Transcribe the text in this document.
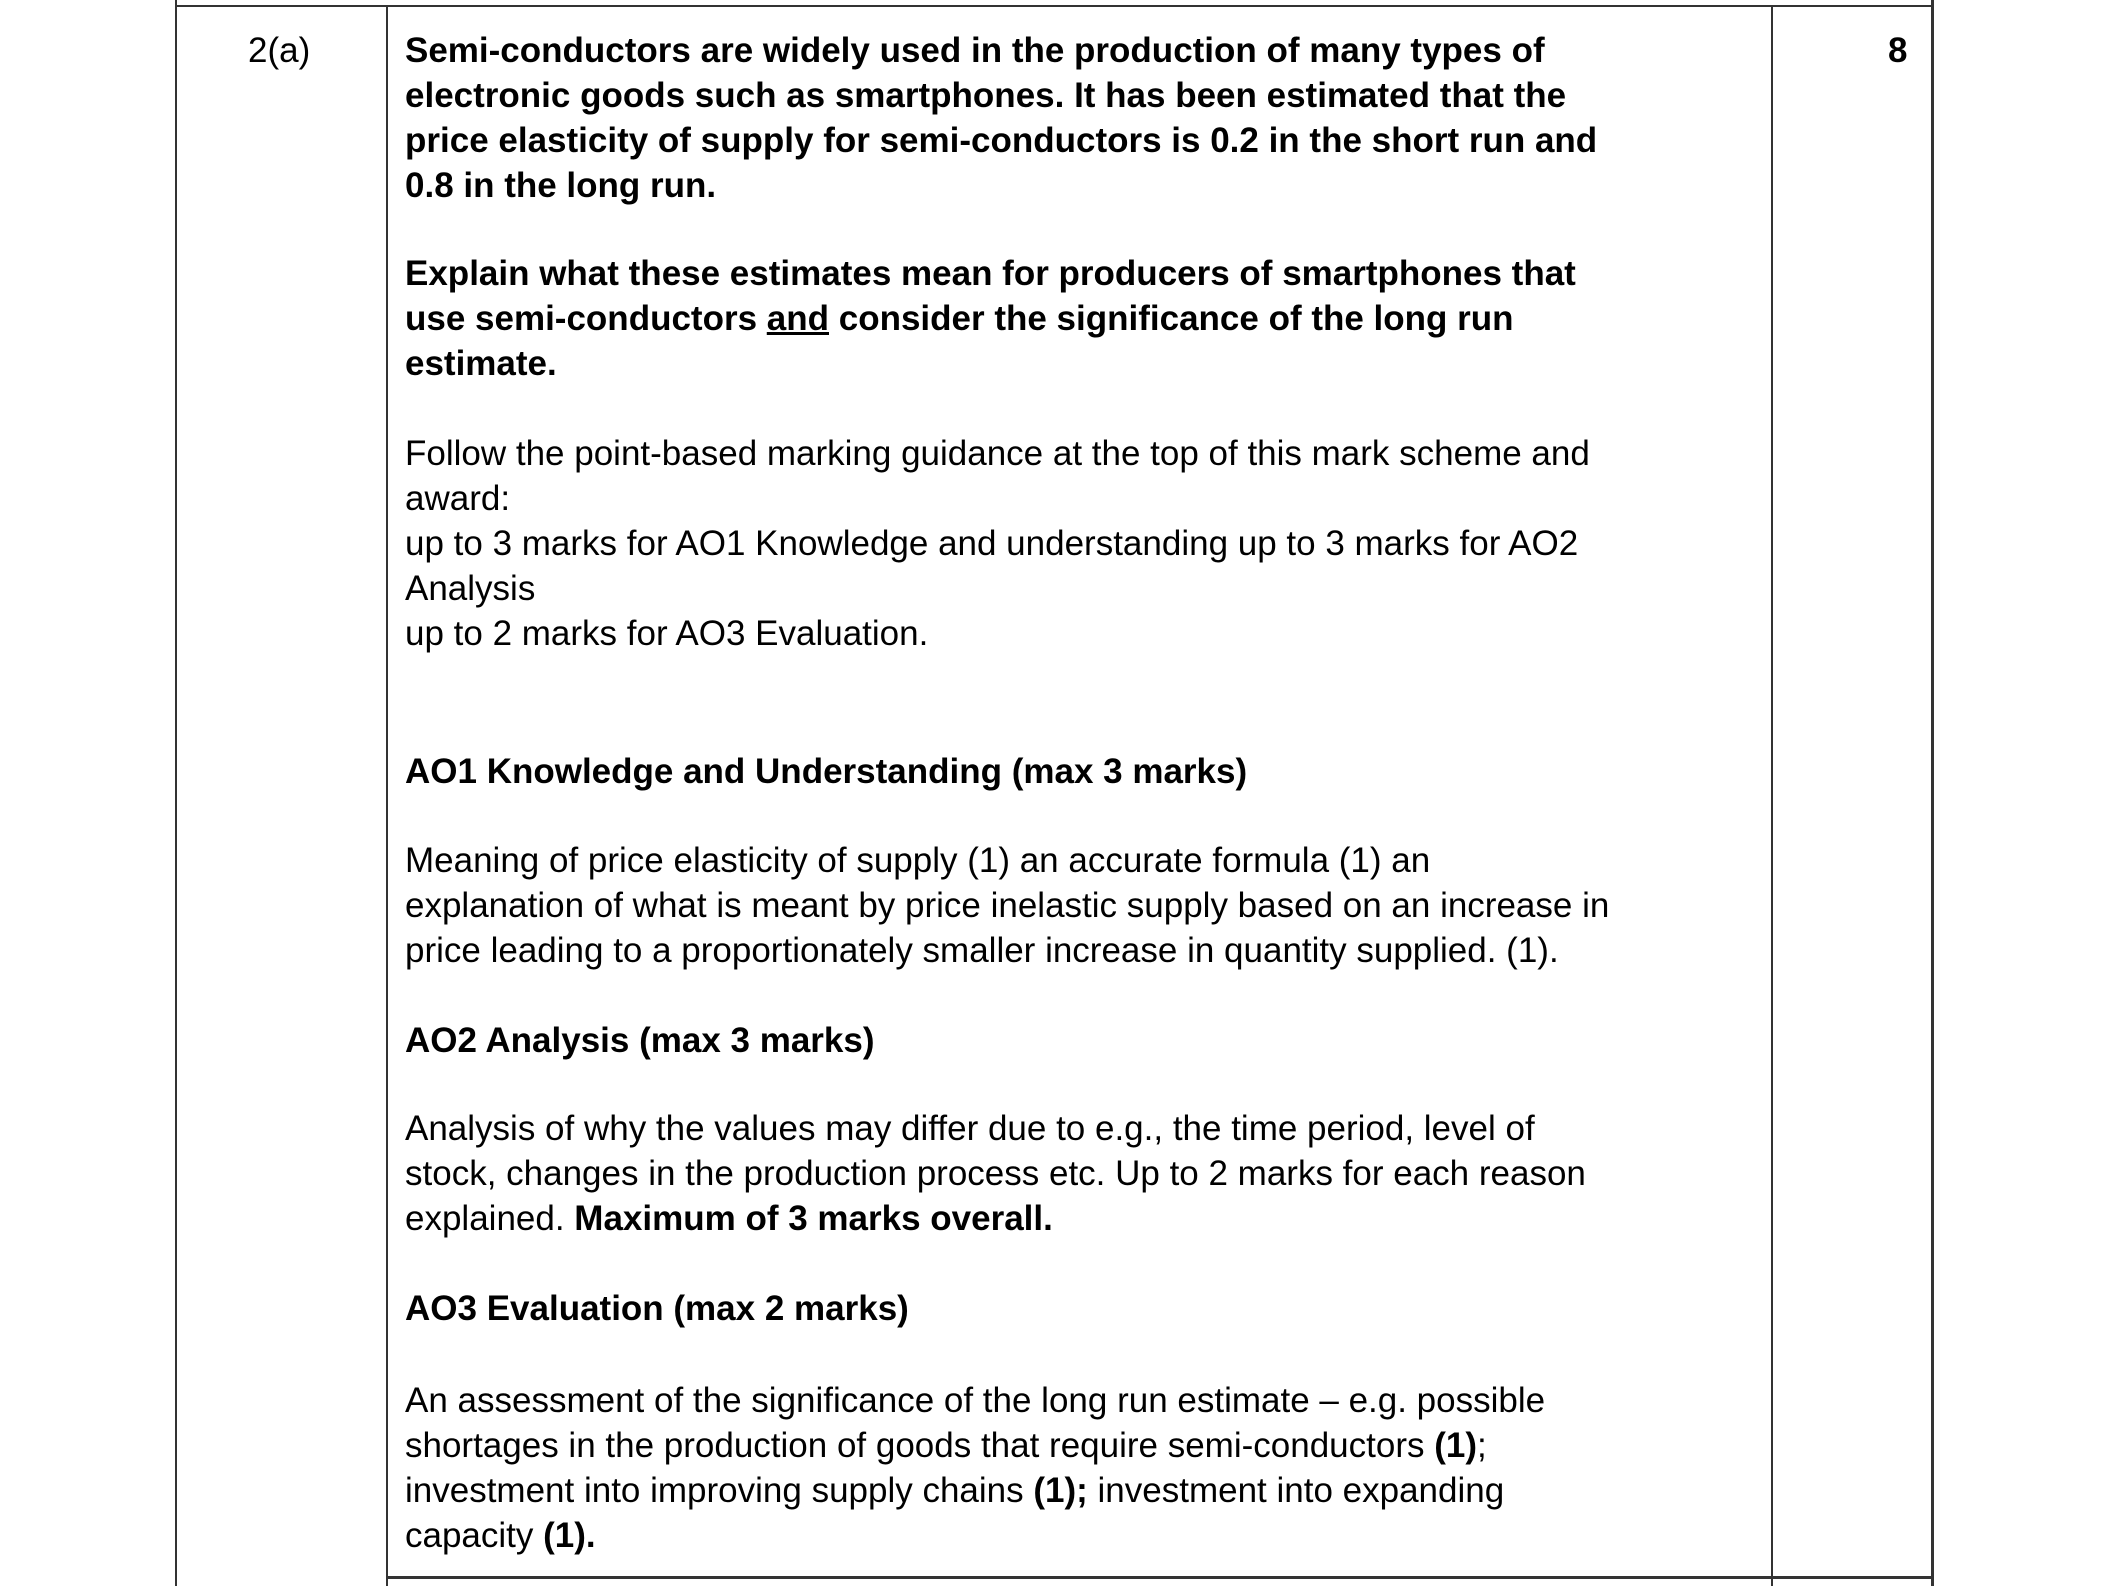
2(a)	8
Semi-conductors are widely used in the production of many types of
electronic goods such as smartphones. It has been estimated that the
price elasticity of supply for semi-conductors is 0.2 in the short run and
0.8 in the long run.
Explain what these estimates mean for producers of smartphones that
use semi-conductors and consider the significance of the long run
estimate.
Follow the point-based marking guidance at the top of this mark scheme and
award:
up to 3 marks for AO1 Knowledge and understanding up to 3 marks for AO2
Analysis
up to 2 marks for AO3 Evaluation.
AO1 Knowledge and Understanding (max 3 marks)
Meaning of price elasticity of supply (1) an accurate formula (1) an
explanation of what is meant by price inelastic supply based on an increase in
price leading to a proportionately smaller increase in quantity supplied. (1).
AO2 Analysis (max 3 marks)
Analysis of why the values may differ due to e.g., the time period, level of
stock, changes in the production process etc. Up to 2 marks for each reason
explained. Maximum of 3 marks overall.
AO3 Evaluation (max 2 marks)
An assessment of the significance of the long run estimate – e.g. possible
shortages in the production of goods that require semi-conductors (1);
investment into improving supply chains (1); investment into expanding
capacity (1).
